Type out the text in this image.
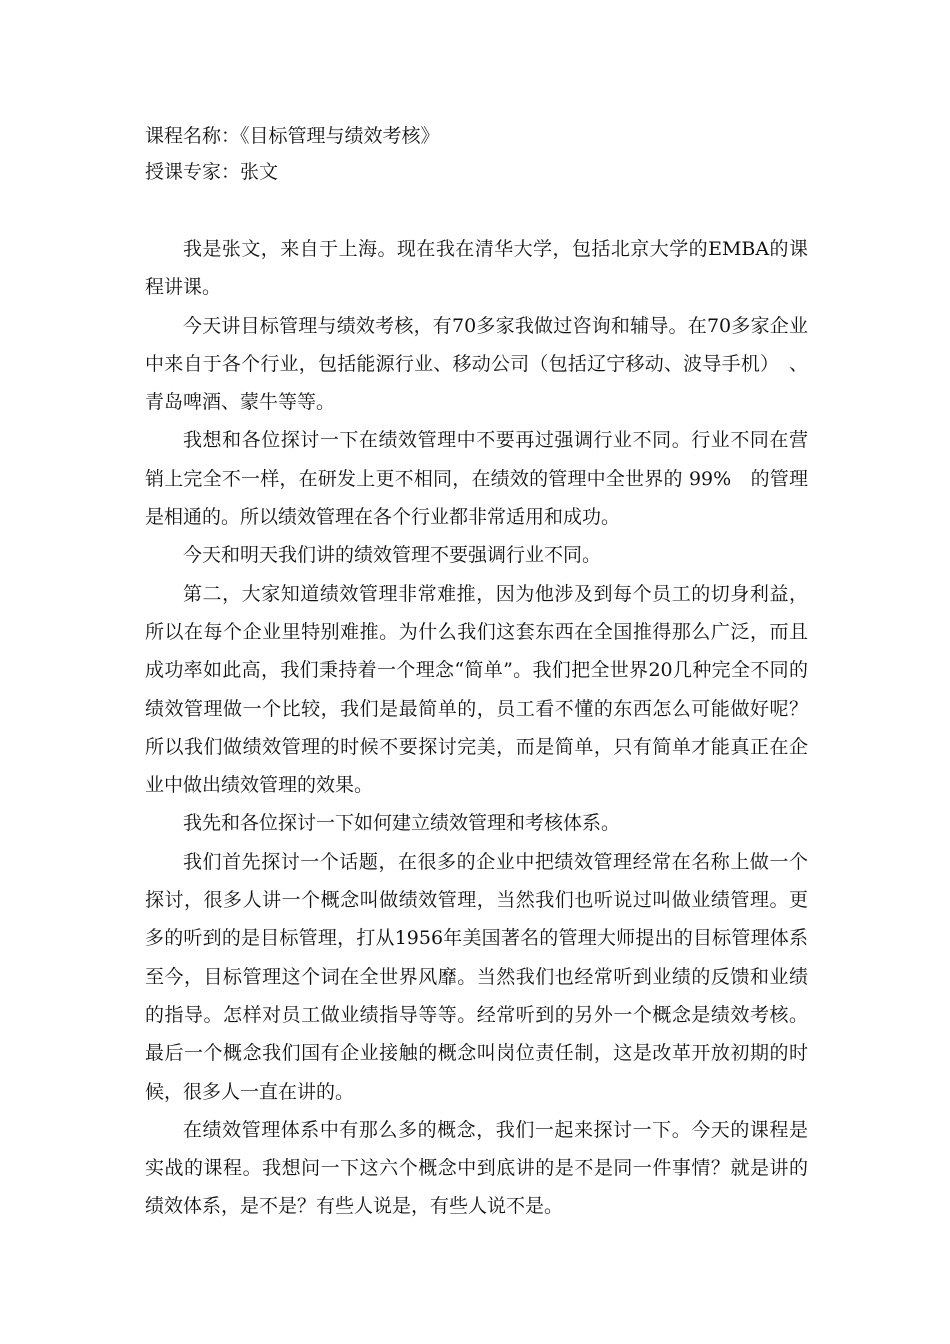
课程名称：《目标管理与绩效考核》

授课专家：张文

我是张文，来自于上海。现在我在清华大学，包括北京大学的EMBA的课程讲课。

今天讲目标管理与绩效考核，有70多家我做过咨询和辅导。在70多家企业中来自于各个行业，包括能源行业、移动公司（包括辽宁移动、波导手机）　、青岛啤酒、蒙牛等等。

我想和各位探讨一下在绩效管理中不要再过强调行业不同。行业不同在营销上完全不一样，在研发上更不相同，在绩效的管理中全世界的 99%　的管理是相通的。所以绩效管理在各个行业都非常适用和成功。

今天和明天我们讲的绩效管理不要强调行业不同。

第二，大家知道绩效管理非常难推，因为他涉及到每个员工的切身利益，所以在每个企业里特别难推。为什么我们这套东西在全国推得那么广泛，而且成功率如此高，我们秉持着一个理念“简单”。我们把全世界20几种完全不同的绩效管理做一个比较，我们是最简单的，员工看不懂的东西怎么可能做好呢？所以我们做绩效管理的时候不要探讨完美，而是简单，只有简单才能真正在企业中做出绩效管理的效果。

我先和各位探讨一下如何建立绩效管理和考核体系。

我们首先探讨一个话题，在很多的企业中把绩效管理经常在名称上做一个探讨，很多人讲一个概念叫做绩效管理，当然我们也听说过叫做业绩管理。更多的听到的是目标管理，打从1956年美国著名的管理大师提出的目标管理体系至今，目标管理这个词在全世界风靡。当然我们也经常听到业绩的反馈和业绩的指导。怎样对员工做业绩指导等等。经常听到的另外一个概念是绩效考核。最后一个概念我们国有企业接触的概念叫岗位责任制，这是改革开放初期的时候，很多人一直在讲的。

在绩效管理体系中有那么多的概念，我们一起来探讨一下。今天的课程是实战的课程。我想问一下这六个概念中到底讲的是不是同一件事情？就是讲的绩效体系，是不是？有些人说是，有些人说不是。
